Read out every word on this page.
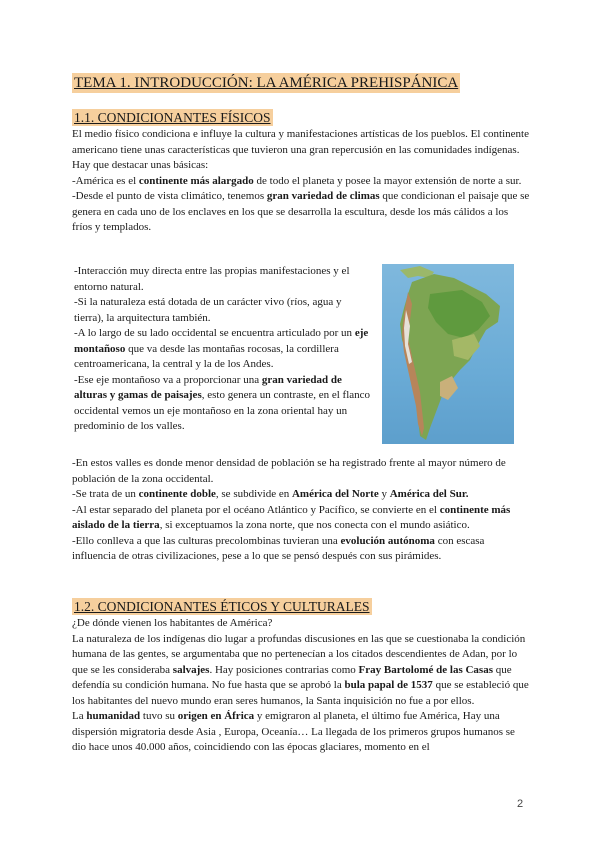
TEMA 1. INTRODUCCIÓN: LA AMÉRICA PREHISPÁNICA
1.1. CONDICIONANTES FÍSICOS

El medio físico condiciona e influye la cultura y manifestaciones artísticas de los pueblos. El continente americano tiene unas características que tuvieron una gran repercusión en las comunidades indígenas. Hay que destacar unas básicas:

-América es el continente más alargado de todo el planeta y posee la mayor extensión de norte a sur.

-Desde el punto de vista climático, tenemos gran variedad de climas que condicionan el paisaje que se genera en cada uno de los enclaves en los que se desarrolla la escultura, desde los más cálidos a los fríos y templados.

-Interacción muy directa entre las propias manifestaciones y el entorno natural.

-Si la naturaleza está dotada de un carácter vivo (ríos, agua y tierra), la arquitectura también.

-A lo largo de su lado occidental se encuentra articulado por un eje montañoso que va desde las montañas rocosas, la cordillera centroamericana, la central y la de los Andes.

-Ese eje montañoso va a proporcionar una gran variedad de alturas y gamas de paisajes, esto genera un contraste, en el flanco occidental vemos un eje montañoso en la zona oriental hay un predominio de los valles.

-En estos valles es donde menor densidad de población se ha registrado frente al mayor número de población de la zona occidental.

-Se trata de un continente doble, se subdivide en América del Norte y América del Sur.

-Al estar separado del planeta por el océano Atlántico y Pacífico, se convierte en el continente más aislado de la tierra, si exceptuamos la zona norte, que nos conecta con el mundo asiático.

-Ello conlleva a que las culturas precolombinas tuvieran una evolución autónoma con escasa influencia de otras civilizaciones, pese a lo que se pensó después con sus pirámides.

1.2. CONDICIONANTES ÉTICOS Y CULTURALES

¿De dónde vienen los habitantes de América?

La naturaleza de los indígenas dio lugar a profundas discusiones en las que se cuestionaba la condición humana de las gentes, se argumentaba que no pertenecían a los citados descendientes de Adan, por lo que se les consideraba salvajes. Hay posiciones contrarias como Fray Bartolomé de las Casas que defendía su condición humana. No fue hasta que se aprobó la bula papal de 1537 que se estableció que los habitantes del nuevo mundo eran seres humanos, la Santa inquisición no fue a por ellos.

La humanidad tuvo su origen en África y emigraron al planeta, el último fue América, Hay una dispersión migratoria desde Asia , Europa, Oceanía… La llegada de los primeros grupos humanos se dio hace unos 40.000 años, coincidiendo con las épocas glaciares, momento en el

2
